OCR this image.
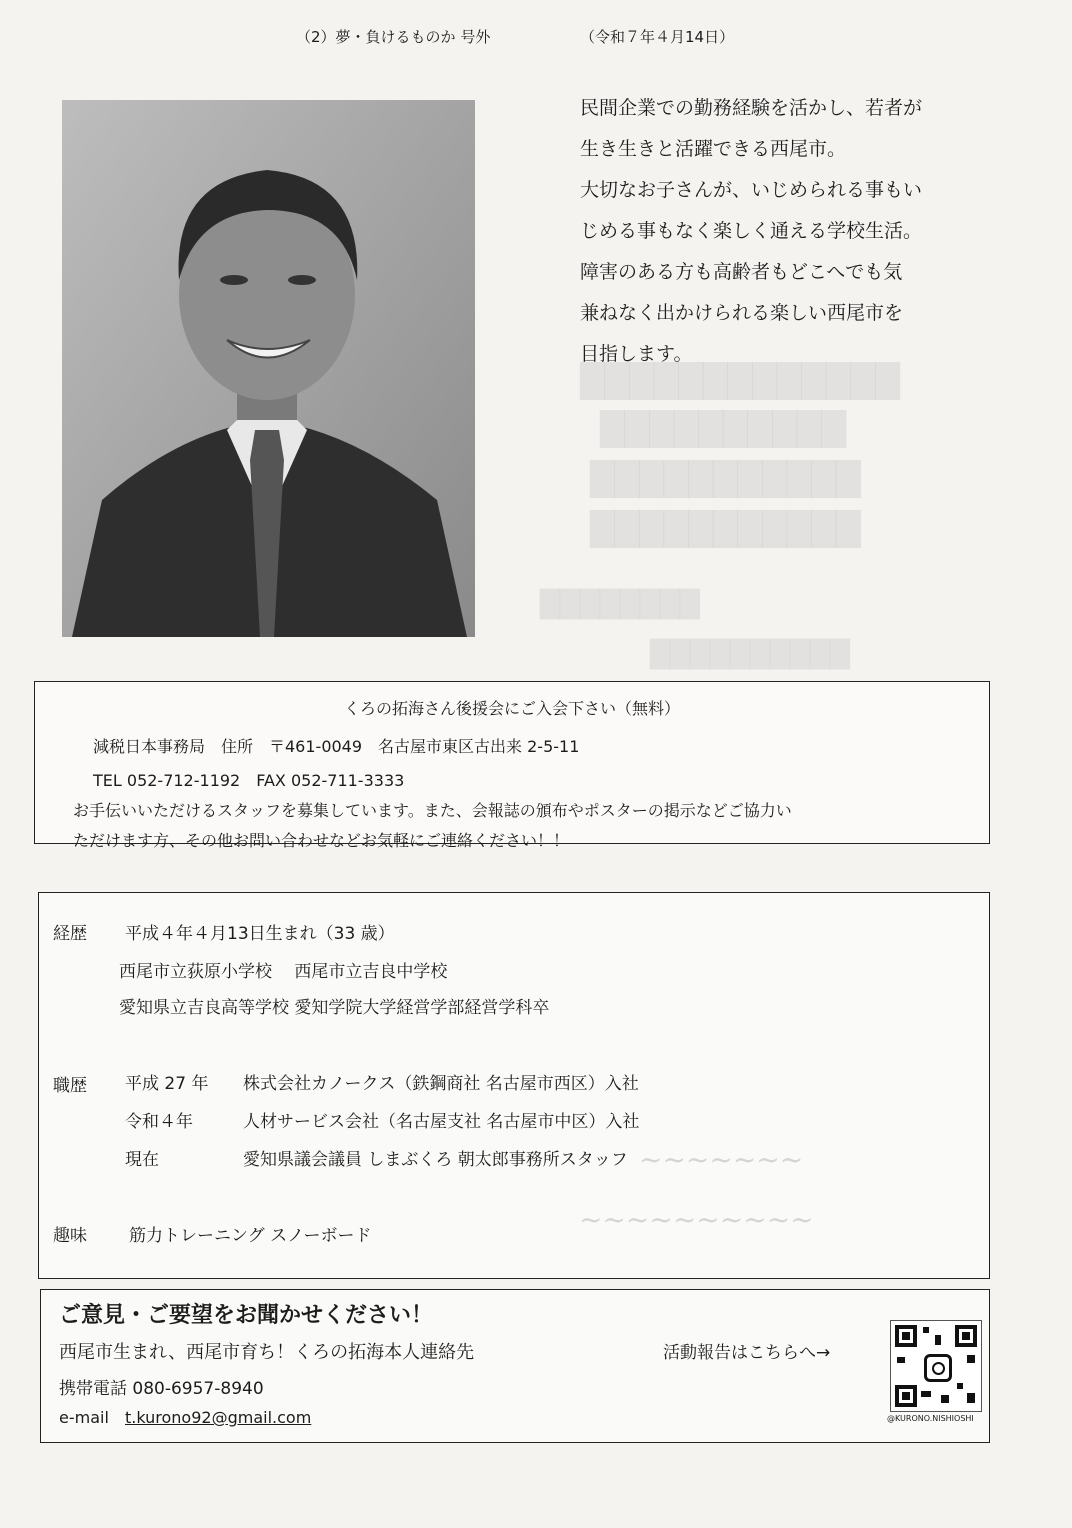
█████████████
██████████
███████████
███████████
████████
██████████
（2）夢・負けるものか 号外	（令和７年４月14日）

民間企業での勤務経験を活かし、若者が

生き生きと活躍できる西尾市。

大切なお子さんが、いじめられる事もい

じめる事もなく楽しく通える学校生活。

障害のある方も高齢者もどこへでも気

兼ねなく出かけられる楽しい西尾市を

目指します。

くろの拓海さん後援会にご入会下さい（無料）
減税日本事務局　住所　〒461-0049　名古屋市東区古出来 2-5-11
TEL 052-712-1192　FAX 052-711-3333
お手伝いいただけるスタッフを募集しています。また、会報誌の頒布やポスターの掲示などご協力い
ただけます方、その他お問い合わせなどお気軽にご連絡ください！！
経歴 平成４年４月13日生まれ（33 歳）
西尾市立荻原小学校　 西尾市立吉良中学校
愛知県立吉良高等学校 愛知学院大学経営学部経営学科卒
職歴 平成 27 年 株式会社カノークス（鉄鋼商社 名古屋市西区）入社
令和４年	人材サービス会社（名古屋支社 名古屋市中区）入社
現在	愛知県議会議員 しまぶくろ 朝太郎事務所スタッフ
趣味 筋力トレーニング スノーボード
~~~~~~~
~~~~~~~~~~
ご意見・ご要望をお聞かせください！
西尾市生まれ、西尾市育ち！くろの拓海本人連絡先	活動報告はこちらへ→
携帯電話 080-6957-8940
e-mail t.kurono92@gmail.com	@KURONO.NISHIOSHI
